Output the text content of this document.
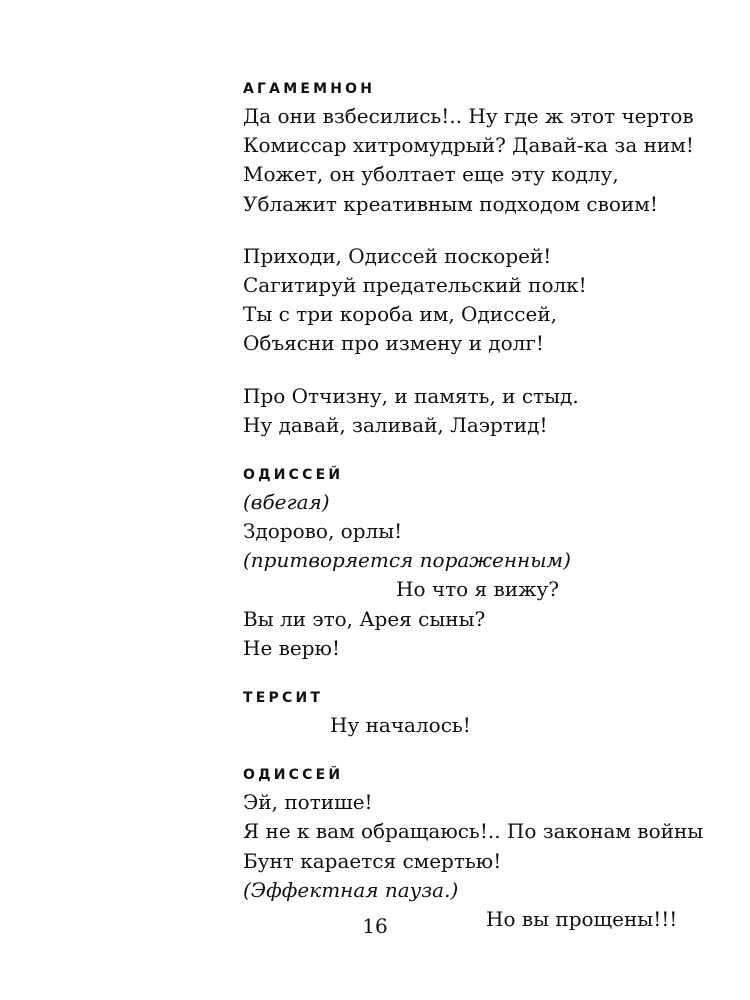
АГАМЕМНОН
Да они взбесились!.. Ну где ж этот чертов
Комиссар хитромудрый? Давай-ка за ним!
Может, он уболтает еще эту кодлу,
Ублажит креативным подходом своим!
Приходи, Одиссей поскорей!
Сагитируй предательский полк!
Ты с три короба им, Одиссей,
Объясни про измену и долг!
Про Отчизну, и память, и стыд.
Ну давай, заливай, Лаэртид!
ОДИССЕЙ
(вбегая)
Здорово, орлы!
(притворяется пораженным)
Но что я вижу?
Вы ли это, Арея сыны?
Не верю!
ТЕРСИТ
Ну началось!
ОДИССЕЙ
Эй, потише!
Я не к вам обращаюсь!.. По законам войны
Бунт карается смертью!
(Эффектная пауза.)
Но вы прощены!!!
16
